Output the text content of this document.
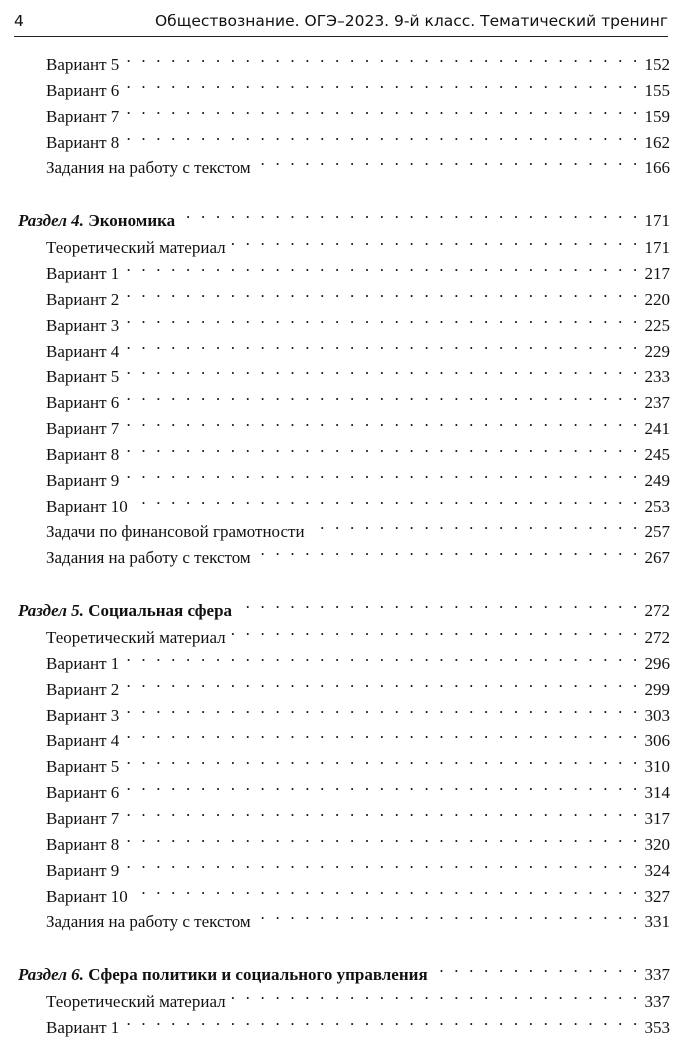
4	Обществознание. ОГЭ–2023. 9-й класс. Тематический тренинг
Вариант 5 . . .	152
Вариант 6 . . .	155
Вариант 7 . . .	159
Вариант 8 . . .	162
Задания на работу с текстом . . .	166
Раздел 4. Экономика . . .	171
Теоретический материал . . .	171
Вариант 1 . . .	217
Вариант 2 . . .	220
Вариант 3 . . .	225
Вариант 4 . . .	229
Вариант 5 . . .	233
Вариант 6 . . .	237
Вариант 7 . . .	241
Вариант 8 . . .	245
Вариант 9 . . .	249
Вариант 10 . . .	253
Задачи по финансовой грамотности . . .	257
Задания на работу с текстом . . .	267
Раздел 5. Социальная сфера . . .	272
Теоретический материал . . .	272
Вариант 1 . . .	296
Вариант 2 . . .	299
Вариант 3 . . .	303
Вариант 4 . . .	306
Вариант 5 . . .	310
Вариант 6 . . .	314
Вариант 7 . . .	317
Вариант 8 . . .	320
Вариант 9 . . .	324
Вариант 10 . . .	327
Задания на работу с текстом . . .	331
Раздел 6. Сфера политики и социального управления . . .	337
Теоретический материал . . .	337
Вариант 1 . . .	353
